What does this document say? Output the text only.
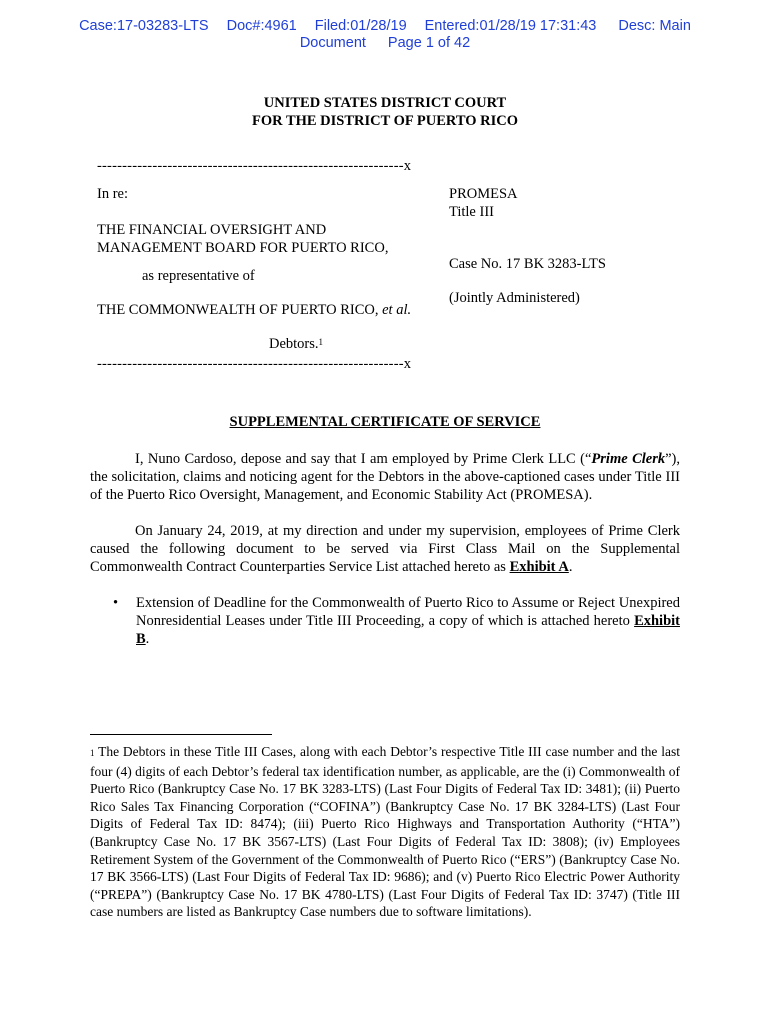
Case:17-03283-LTS Doc#:4961 Filed:01/28/19 Entered:01/28/19 17:31:43 Desc: Main
Document Page 1 of 42
UNITED STATES DISTRICT COURT
FOR THE DISTRICT OF PUERTO RICO
-------------------------------------------------------------x
In re:
THE FINANCIAL OVERSIGHT AND
MANAGEMENT BOARD FOR PUERTO RICO,
as representative of
THE COMMONWEALTH OF PUERTO RICO, et al.
Debtors.$^1$
-------------------------------------------------------------x
PROMESA
Title III
Case No. 17 BK 3283-LTS
(Jointly Administered)
SUPPLEMENTAL CERTIFICATE OF SERVICE
I, Nuno Cardoso, depose and say that I am employed by Prime Clerk LLC (“Prime Clerk”), the solicitation, claims and noticing agent for the Debtors in the above-captioned cases under Title III of the Puerto Rico Oversight, Management, and Economic Stability Act (PROMESA).
On January 24, 2019, at my direction and under my supervision, employees of Prime Clerk caused the following document to be served via First Class Mail on the Supplemental Commonwealth Contract Counterparties Service List attached hereto as Exhibit A.
• Extension of Deadline for the Commonwealth of Puerto Rico to Assume or Reject Unexpired Nonresidential Leases under Title III Proceeding, a copy of which is attached hereto Exhibit B.
1 The Debtors in these Title III Cases, along with each Debtor’s respective Title III case number and the last four (4) digits of each Debtor’s federal tax identification number, as applicable, are the (i) Commonwealth of Puerto Rico (Bankruptcy Case No. 17 BK 3283-LTS) (Last Four Digits of Federal Tax ID: 3481); (ii) Puerto Rico Sales Tax Financing Corporation (“COFINA”) (Bankruptcy Case No. 17 BK 3284-LTS) (Last Four Digits of Federal Tax ID: 8474); (iii) Puerto Rico Highways and Transportation Authority (“HTA”) (Bankruptcy Case No. 17 BK 3567-LTS) (Last Four Digits of Federal Tax ID: 3808); (iv) Employees Retirement System of the Government of the Commonwealth of Puerto Rico (“ERS”) (Bankruptcy Case No. 17 BK 3566-LTS) (Last Four Digits of Federal Tax ID: 9686); and (v) Puerto Rico Electric Power Authority (“PREPA”) (Bankruptcy Case No. 17 BK 4780-LTS) (Last Four Digits of Federal Tax ID: 3747) (Title III case numbers are listed as Bankruptcy Case numbers due to software limitations).
